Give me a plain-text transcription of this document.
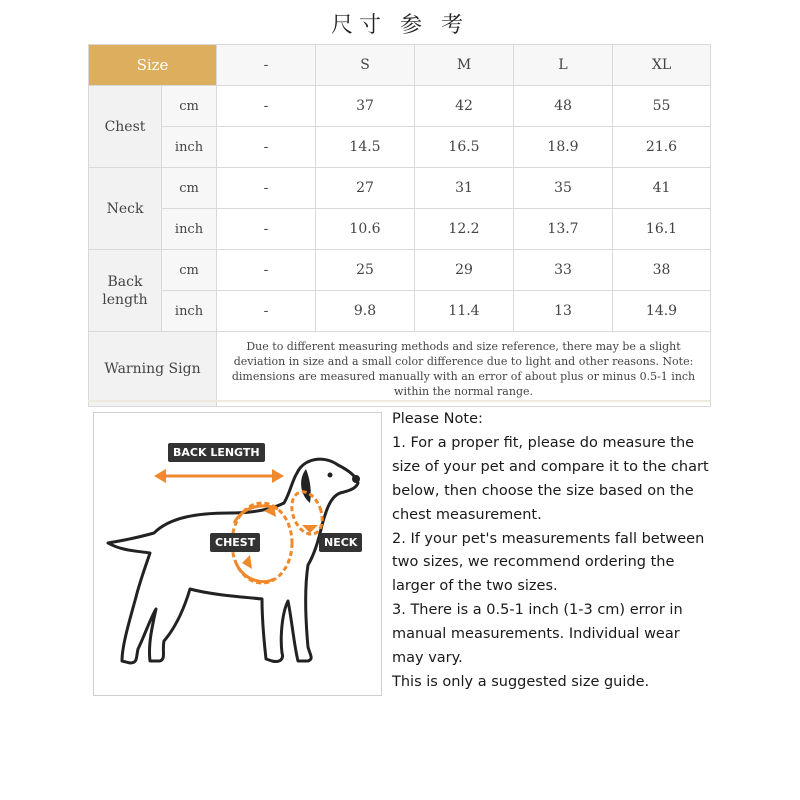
尺寸 参 考
Size		-	S	M	L	XL
Chest	cm	-	37	42	48	55
	inch	-	14.5	16.5	18.9	21.6
Neck	cm	-	27	31	35	41
	inch	-	10.6	12.2	13.7	16.1
Back length	cm	-	25	29	33	38
	inch	-	9.8	11.4	13	14.9
Warning Sign		Due to different measuring methods and size reference, there may be a slight deviation in size and a small color difference due to light and other reasons. Note: dimensions are measured manually with an error of about plus or minus 0.5-1 inch within the normal range.				
BACK LENGTH
CHEST	NECK

Please Note:

1. For a proper fit, please do measure the size of your pet and compare it to the chart below, then choose the size based on the chest measurement.

2. If your pet's measurements fall between two sizes, we recommend ordering the larger of the two sizes.

3. There is a 0.5-1 inch (1-3 cm) error in manual measurements. Individual wear may vary.

This is only a suggested size guide.
